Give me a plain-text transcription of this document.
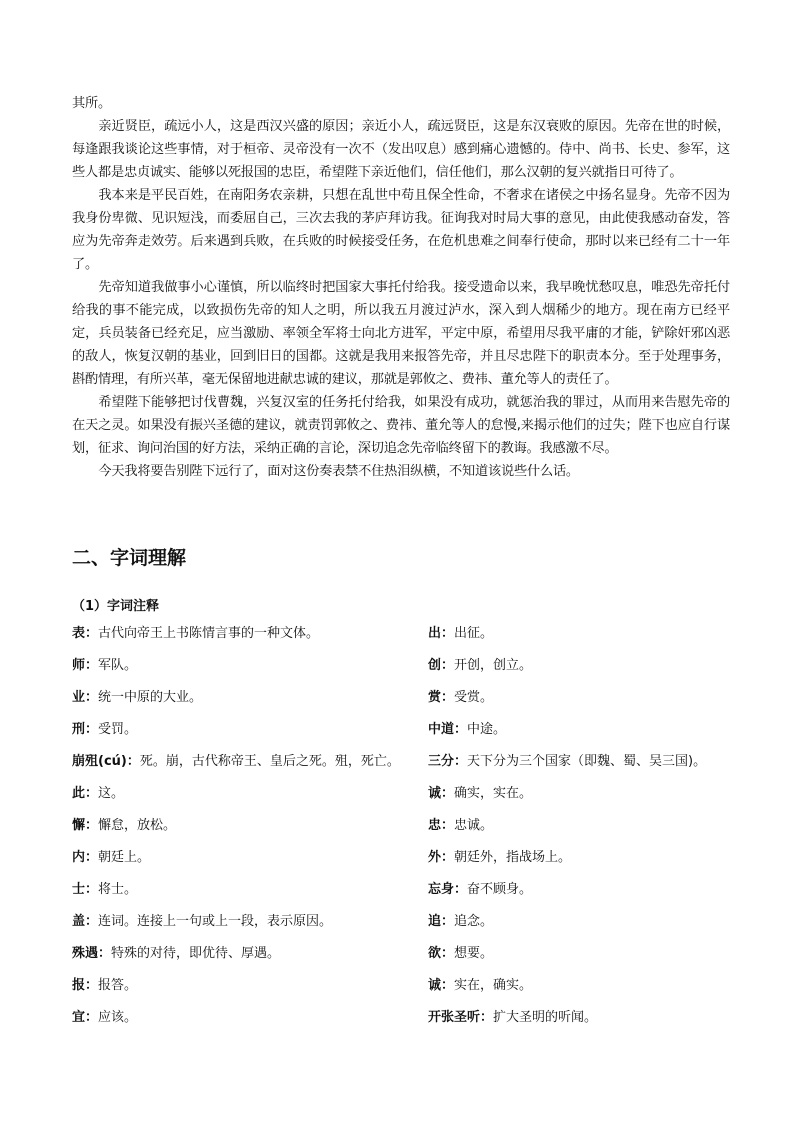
其所。

亲近贤臣，疏远小人，这是西汉兴盛的原因；亲近小人，疏远贤臣，这是东汉衰败的原因。先帝在世的时候，每逢跟我谈论这些事情，对于桓帝、灵帝没有一次不（发出叹息）感到痛心遗憾的。侍中、尚书、长史、参军，这些人都是忠贞诚实、能够以死报国的忠臣，希望陛下亲近他们，信任他们，那么汉朝的复兴就指日可待了。

我本来是平民百姓，在南阳务农亲耕，只想在乱世中苟且保全性命，不奢求在诸侯之中扬名显身。先帝不因为我身份卑微、见识短浅，而委屈自己，三次去我的茅庐拜访我。征询我对时局大事的意见，由此使我感动奋发，答应为先帝奔走效劳。后来遇到兵败，在兵败的时候接受任务，在危机患难之间奉行使命，那时以来已经有二十一年了。

先帝知道我做事小心谨慎，所以临终时把国家大事托付给我。接受遗命以来，我早晚忧愁叹息，唯恐先帝托付给我的事不能完成，以致损伤先帝的知人之明，所以我五月渡过泸水，深入到人烟稀少的地方。现在南方已经平定，兵员装备已经充足，应当激励、率领全军将士向北方进军，平定中原，希望用尽我平庸的才能，铲除奸邪凶恶的敌人，恢复汉朝的基业，回到旧日的国都。这就是我用来报答先帝，并且尽忠陛下的职责本分。至于处理事务，斟酌情理，有所兴革，毫无保留地进献忠诚的建议，那就是郭攸之、费祎、董允等人的责任了。

希望陛下能够把讨伐曹魏，兴复汉室的任务托付给我，如果没有成功，就惩治我的罪过，从而用来告慰先帝的在天之灵。如果没有振兴圣德的建议，就责罚郭攸之、费祎、董允等人的怠慢,来揭示他们的过失；陛下也应自行谋划，征求、询问治国的好方法，采纳正确的言论，深切追念先帝临终留下的教诲。我感激不尽。

今天我将要告别陛下远行了，面对这份奏表禁不住热泪纵横，不知道该说些什么话。

二、字词理解
（1）字词注释
表：古代向帝王上书陈情言事的一种文体。	出：出征。
师：军队。	创：开创，创立。
业：统一中原的大业。	赏：受赏。
刑：受罚。	中道：中途。
崩殂(cú)：死。崩，古代称帝王、皇后之死。殂，死亡。	三分：天下分为三个国家（即魏、蜀、吴三国)。
此：这。	诚：确实，实在。
懈：懈怠，放松。	忠：忠诚。
内：朝廷上。	外：朝廷外，指战场上。
士：将士。	忘身：奋不顾身。
盖：连词。连接上一句或上一段，表示原因。	追：追念。
殊遇：特殊的对待，即优待、厚遇。	欲：想要。
报：报答。	诚：实在，确实。
宜：应该。	开张圣听：扩大圣明的听闻。
